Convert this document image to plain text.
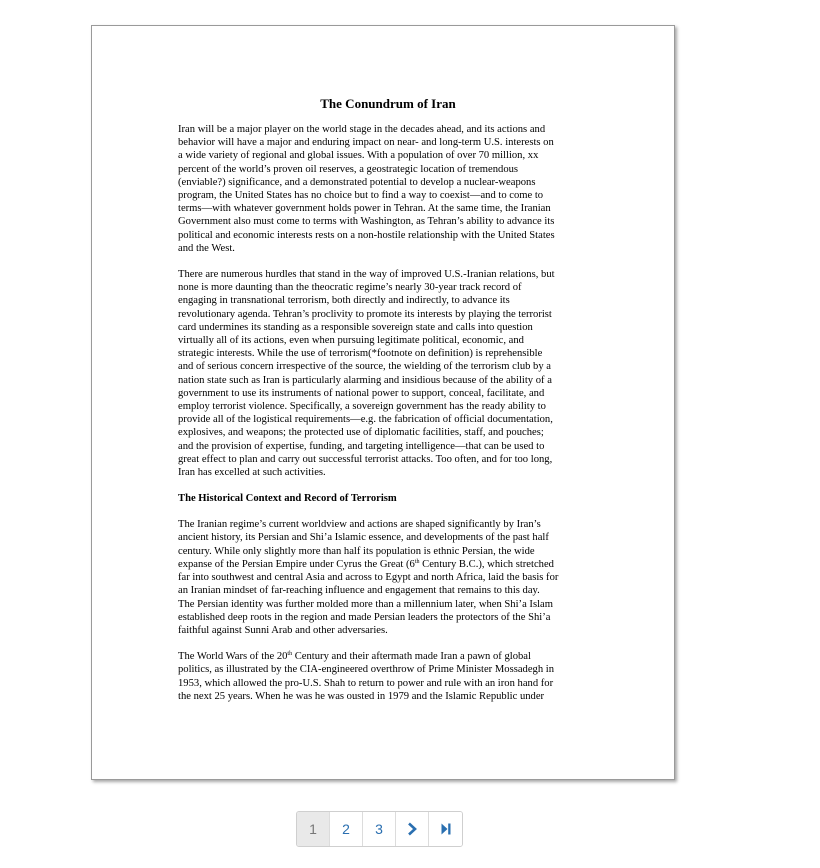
The Conundrum of Iran
Iran will be a major player on the world stage in the decades ahead, and its actions and
behavior will have a major and enduring impact on near- and long-term U.S. interests on
a wide variety of regional and global issues. With a population of over 70 million, xx
percent of the world’s proven oil reserves, a geostrategic location of tremendous
(enviable?) significance, and a demonstrated potential to develop a nuclear-weapons
program, the United States has no choice but to find a way to coexist—and to come to
terms—with whatever government holds power in Tehran. At the same time, the Iranian
Government also must come to terms with Washington, as Tehran’s ability to advance its
political and economic interests rests on a non-hostile relationship with the United States
and the West.
There are numerous hurdles that stand in the way of improved U.S.-Iranian relations, but
none is more daunting than the theocratic regime’s nearly 30-year track record of
engaging in transnational terrorism, both directly and indirectly, to advance its
revolutionary agenda. Tehran’s proclivity to promote its interests by playing the terrorist
card undermines its standing as a responsible sovereign state and calls into question
virtually all of its actions, even when pursuing legitimate political, economic, and
strategic interests. While the use of terrorism(*footnote on definition) is reprehensible
and of serious concern irrespective of the source, the wielding of the terrorism club by a
nation state such as Iran is particularly alarming and insidious because of the ability of a
government to use its instruments of national power to support, conceal, facilitate, and
employ terrorist violence. Specifically, a sovereign government has the ready ability to
provide all of the logistical requirements—e.g. the fabrication of official documentation,
explosives, and weapons; the protected use of diplomatic facilities, staff, and pouches;
and the provision of expertise, funding, and targeting intelligence—that can be used to
great effect to plan and carry out successful terrorist attacks. Too often, and for too long,
Iran has excelled at such activities.
The Historical Context and Record of Terrorism
The Iranian regime’s current worldview and actions are shaped significantly by Iran’s
ancient history, its Persian and Shi’a Islamic essence, and developments of the past half
century. While only slightly more than half its population is ethnic Persian, the wide
expanse of the Persian Empire under Cyrus the Great (6th Century B.C.), which stretched
far into southwest and central Asia and across to Egypt and north Africa, laid the basis for
an Iranian mindset of far-reaching influence and engagement that remains to this day.
The Persian identity was further molded more than a millennium later, when Shi’a Islam
established deep roots in the region and made Persian leaders the protectors of the Shi’a
faithful against Sunni Arab and other adversaries.
The World Wars of the 20th Century and their aftermath made Iran a pawn of global
politics, as illustrated by the CIA-engineered overthrow of Prime Minister Mossadegh in
1953, which allowed the pro-U.S. Shah to return to power and rule with an iron hand for
the next 25 years. When he was he was ousted in 1979 and the Islamic Republic under
1	2	3
